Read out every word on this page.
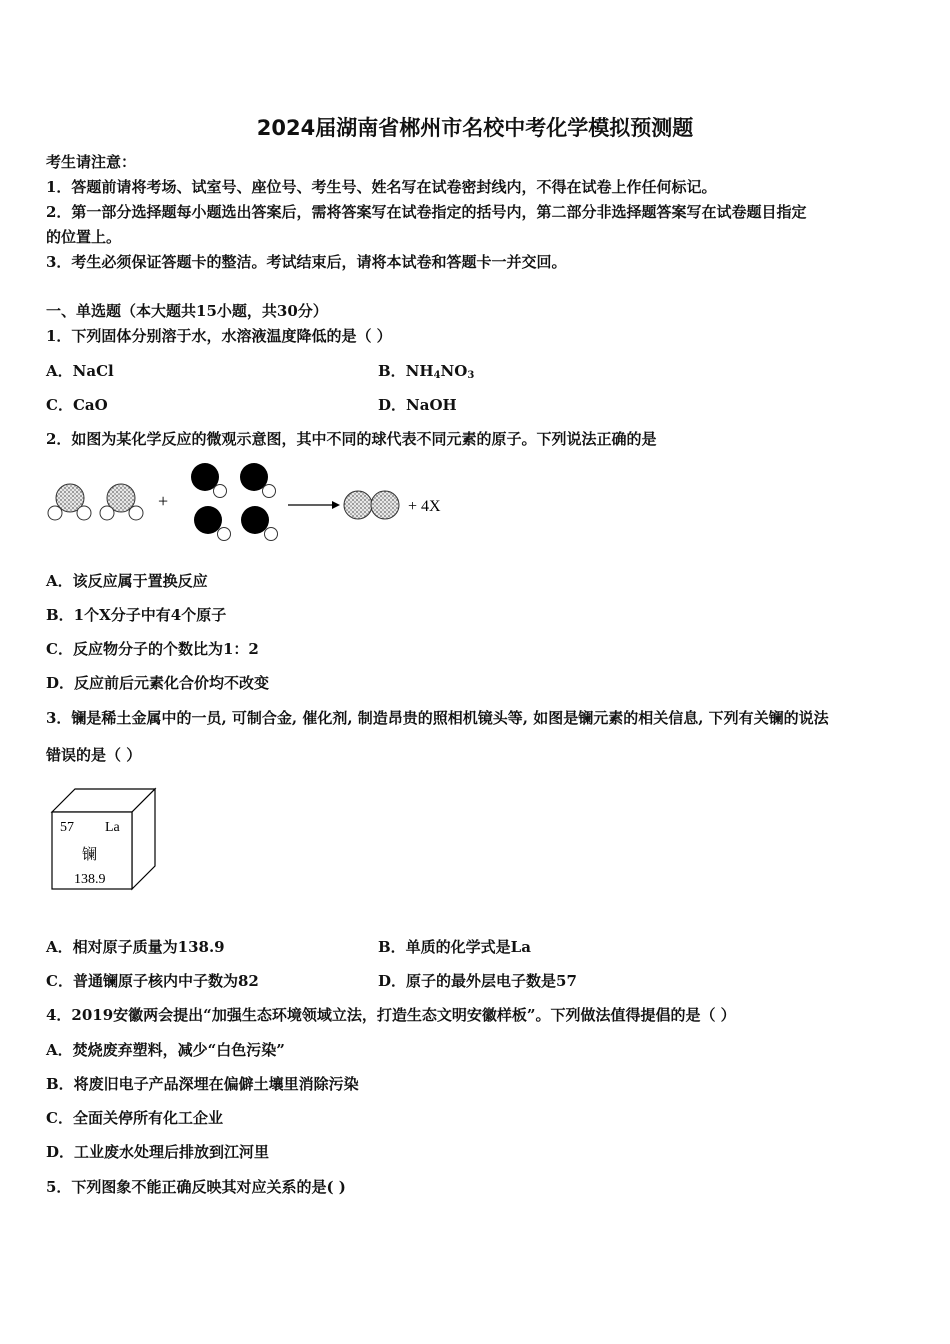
2024届湖南省郴州市名校中考化学模拟预测题
考生请注意：
1．答题前请将考场、试室号、座位号、考生号、姓名写在试卷密封线内，不得在试卷上作任何标记。
2．第一部分选择题每小题选出答案后，需将答案写在试卷指定的括号内，第二部分非选择题答案写在试卷题目指定
的位置上。
3．考生必须保证答题卡的整洁。考试结束后，请将本试卷和答题卡一并交回。
一、单选题（本大题共15小题，共30分）
1．下列固体分别溶于水，水溶液温度降低的是（ ）
A．NaCl	B．$NH_4NO_3$
C．CaO	D．NaOH
2．如图为某化学反应的微观示意图，其中不同的球代表不同元素的原子。下列说法正确的是
+	+ 4X
A．该反应属于置换反应
B．1个X分子中有4个原子
C．反应物分子的个数比为1：2
D．反应前后元素化合价均不改变
3．镧是稀土金属中的一员, 可制合金, 催化剂, 制造昂贵的照相机镜头等, 如图是镧元素的相关信息, 下列有关镧的说法
错误的是（ ）
57 La
镧
138.9
A．相对原子质量为138.9	B．单质的化学式是La
C．普通镧原子核内中子数为82	D．原子的最外层电子数是57
4．2019安徽两会提出“加强生态环境领域立法，打造生态文明安徽样板”。下列做法值得提倡的是（ ）
A．焚烧废弃塑料，减少“白色污染”
B．将废旧电子产品深埋在偏僻土壤里消除污染
C．全面关停所有化工企业
D．工业废水处理后排放到江河里
5．下列图象不能正确反映其对应关系的是( )
